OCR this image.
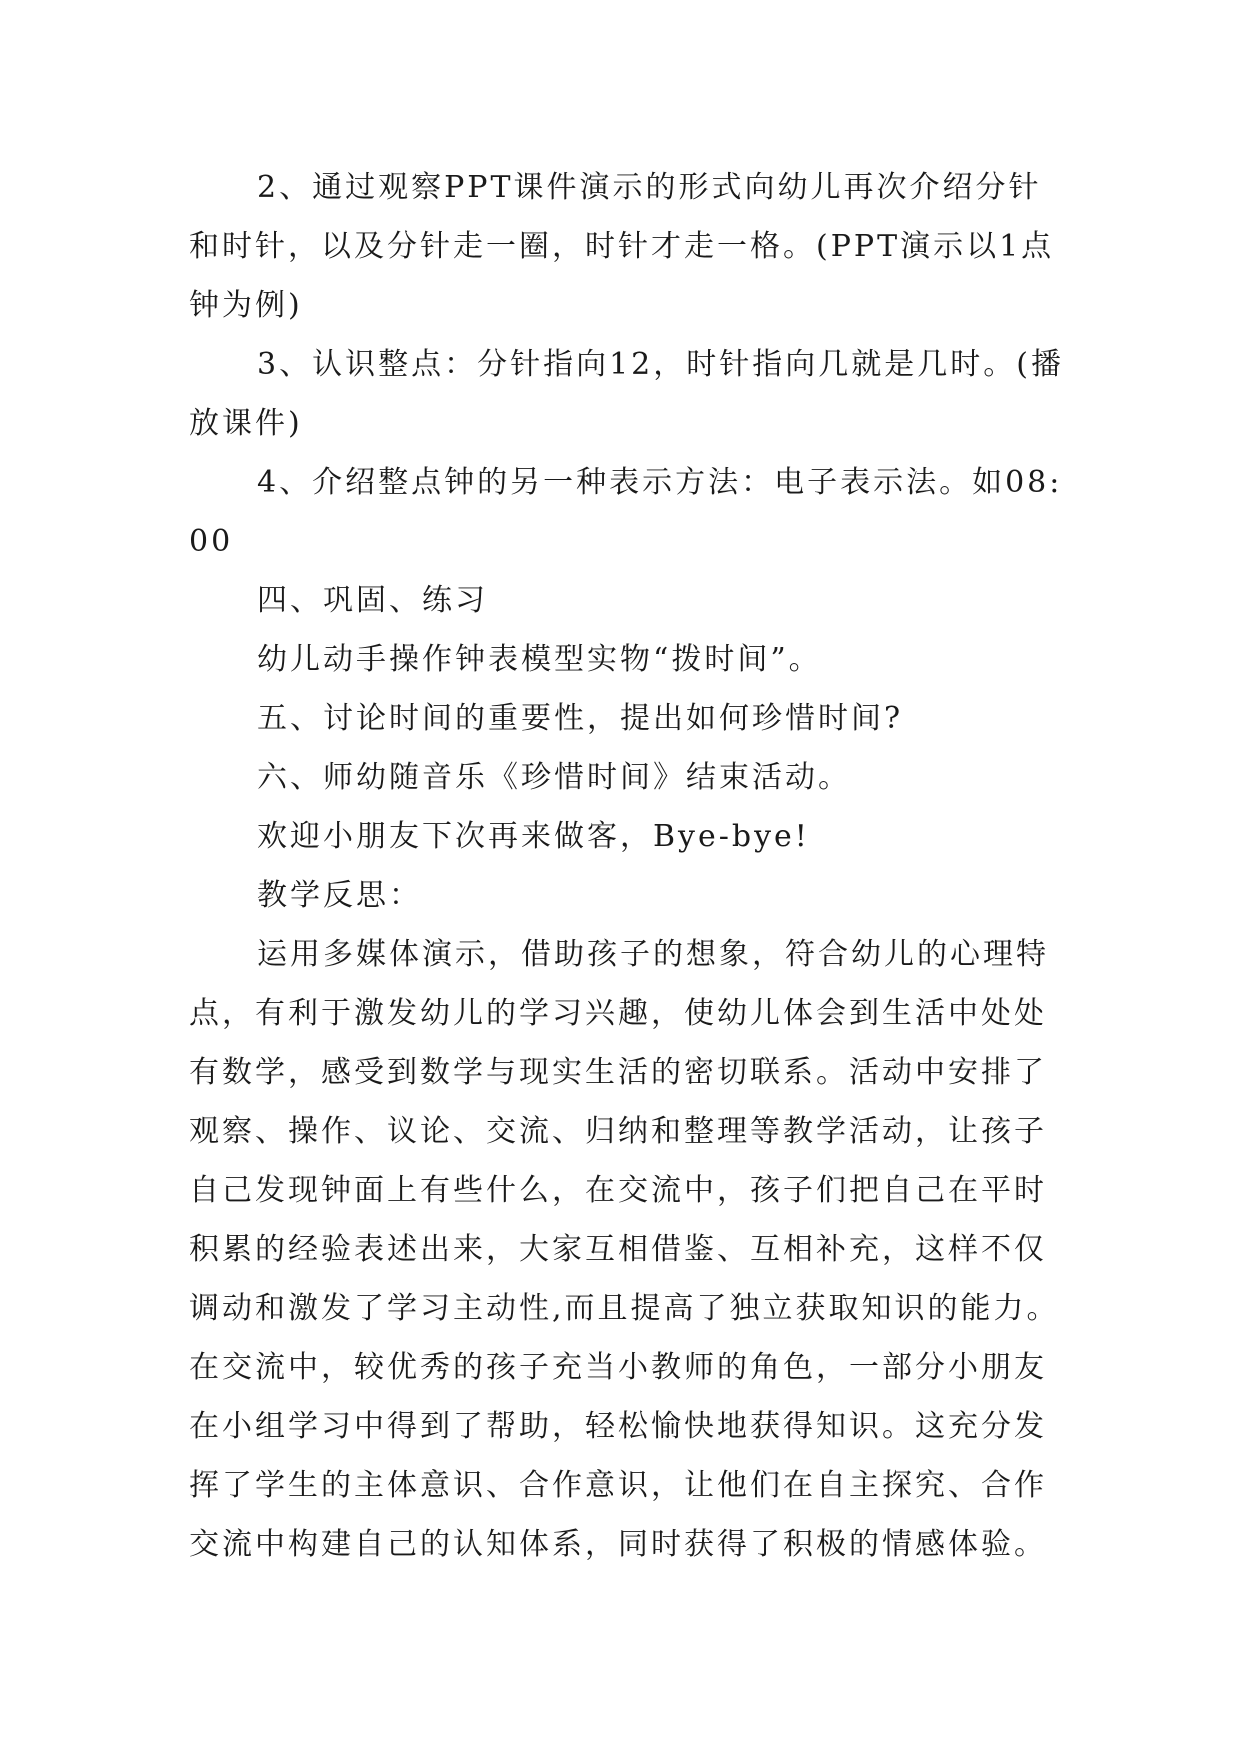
2、通过观察PPT课件演示的形式向幼儿再次介绍分针
和时针，以及分针走一圈，时针才走一格。(PPT演示以1点
钟为例)
3、认识整点：分针指向12，时针指向几就是几时。(播
放课件)
4、介绍整点钟的另一种表示方法：电子表示法。如08:
00
四、巩固、练习
幼儿动手操作钟表模型实物“拨时间”。
五、讨论时间的重要性，提出如何珍惜时间?
六、师幼随音乐《珍惜时间》结束活动。
欢迎小朋友下次再来做客，Bye-bye!
教学反思：
运用多媒体演示，借助孩子的想象，符合幼儿的心理特
点，有利于激发幼儿的学习兴趣，使幼儿体会到生活中处处
有数学，感受到数学与现实生活的密切联系。活动中安排了
观察、操作、议论、交流、归纳和整理等教学活动，让孩子
自己发现钟面上有些什么，在交流中，孩子们把自己在平时
积累的经验表述出来，大家互相借鉴、互相补充，这样不仅
调动和激发了学习主动性,而且提高了独立获取知识的能力。
在交流中，较优秀的孩子充当小教师的角色，一部分小朋友
在小组学习中得到了帮助，轻松愉快地获得知识。这充分发
挥了学生的主体意识、合作意识，让他们在自主探究、合作
交流中构建自己的认知体系，同时获得了积极的情感体验。
